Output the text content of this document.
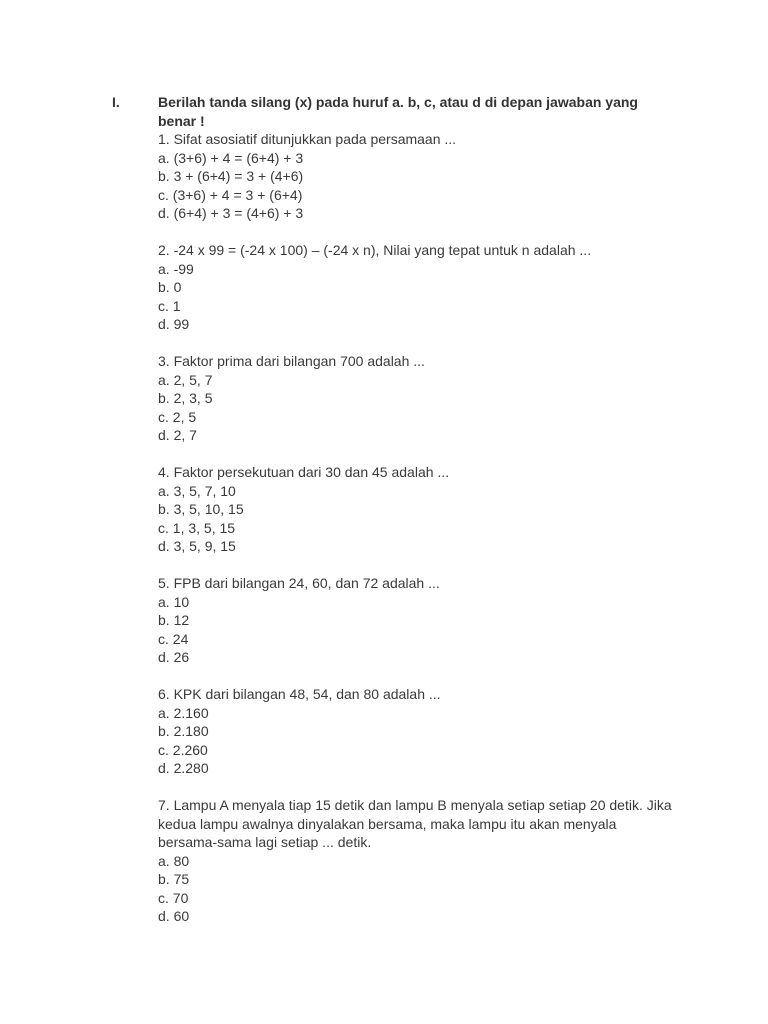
I.	Berilah tanda silang (x) pada huruf a. b, c, atau d di depan jawaban yang benar !
1. Sifat asosiatif ditunjukkan pada persamaan ...
a. (3+6) + 4 = (6+4) + 3
b. 3 + (6+4) = 3 + (4+6)
c. (3+6) + 4 = 3 + (6+4)
d. (6+4) + 3 = (4+6) + 3
2. -24 x 99 = (-24 x 100) – (-24 x n), Nilai yang tepat untuk n adalah ...
a. -99
b. 0
c. 1
d. 99
3. Faktor prima dari bilangan 700 adalah ...
a. 2, 5, 7
b. 2, 3, 5
c. 2, 5
d. 2, 7
4. Faktor persekutuan dari 30 dan 45 adalah ...
a. 3, 5, 7, 10
b. 3, 5, 10, 15
c. 1, 3, 5, 15
d. 3, 5, 9, 15
5. FPB dari bilangan 24, 60, dan 72 adalah ...
a. 10
b. 12
c. 24
d. 26
6. KPK dari bilangan 48, 54, dan 80 adalah ...
a. 2.160
b. 2.180
c. 2.260
d. 2.280
7. Lampu A menyala tiap 15 detik dan lampu B menyala setiap setiap 20 detik. Jika kedua lampu awalnya dinyalakan bersama, maka lampu itu akan menyala bersama-sama lagi setiap ... detik.
a. 80
b. 75
c. 70
d. 60
